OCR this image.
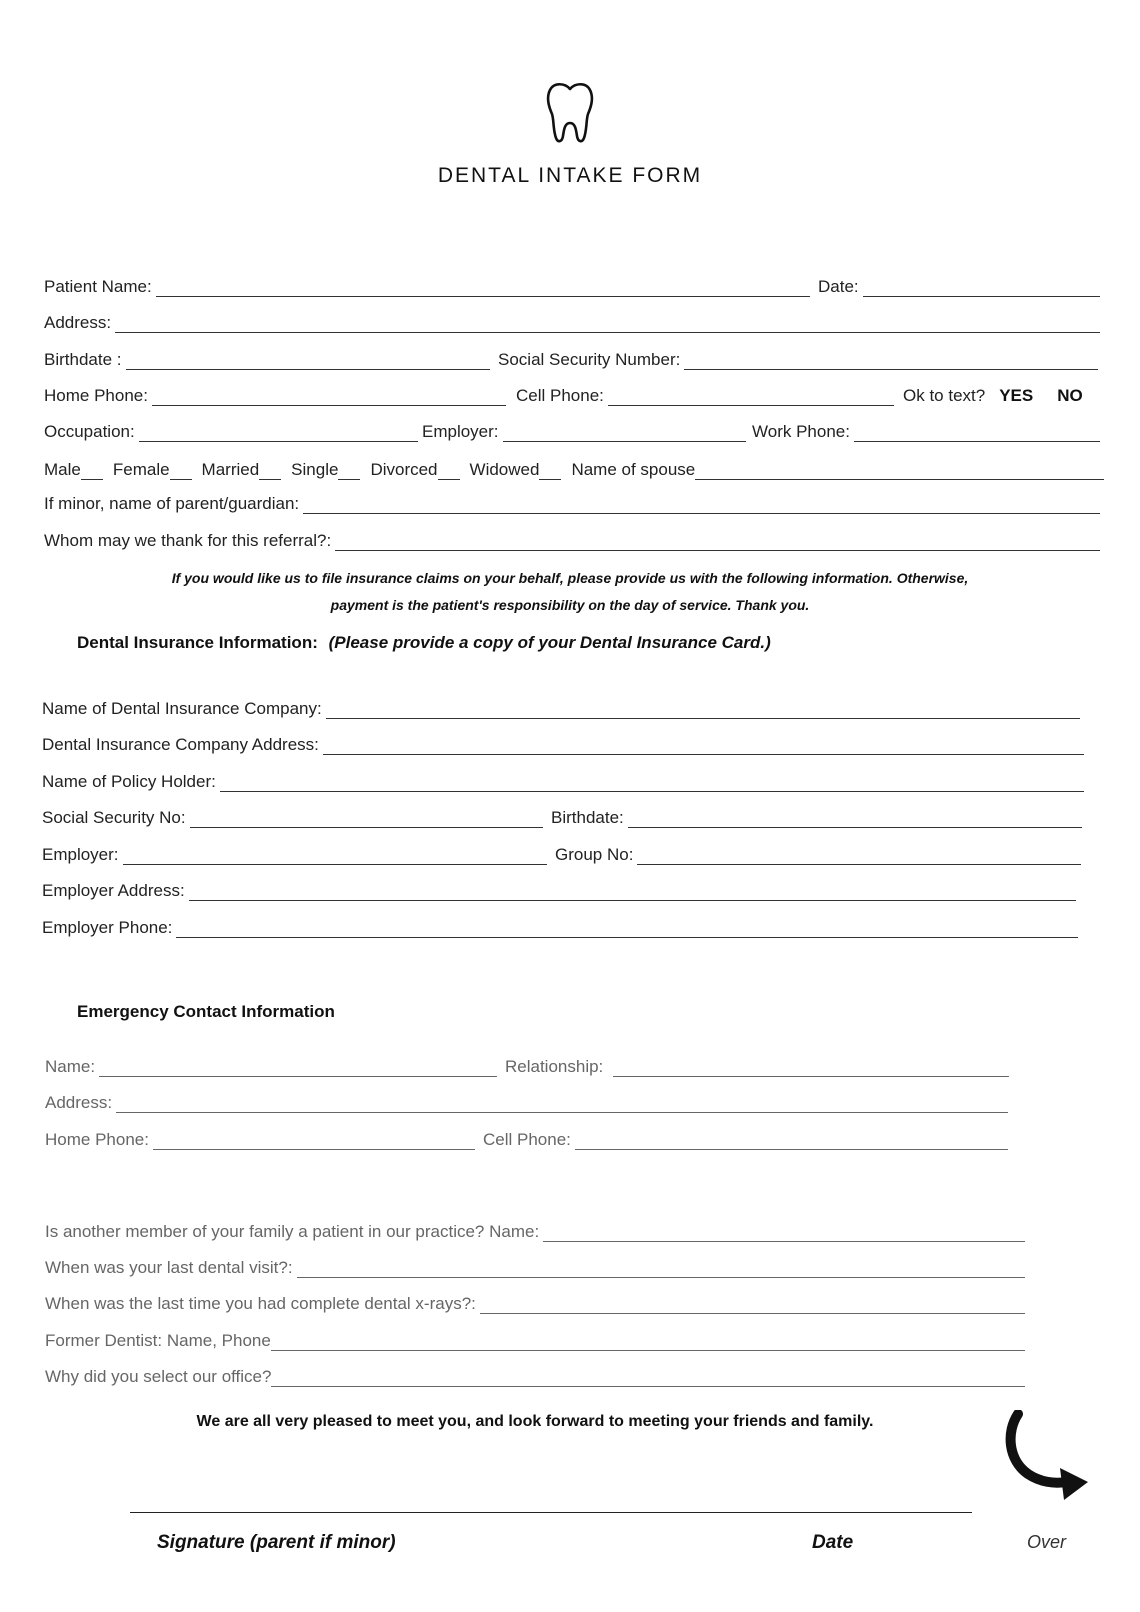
DENTAL INTAKE FORM
Patient Name:	Date:
Address:
Birthdate :	Social Security Number:
Home Phone:	Cell Phone:	Ok to text? YES NO
Occupation:	Employer:	Work Phone:
Male Female Married Single Divorced Widowed Name of spouse
If minor, name of parent/guardian:
Whom may we thank for this referral?:
If you would like us to file insurance claims on your behalf, please provide us with the following information. Otherwise,
payment is the patient's responsibility on the day of service. Thank you.
Dental Insurance Information: (Please provide a copy of your Dental Insurance Card.)
Name of Dental Insurance Company:
Dental Insurance Company Address:
Name of Policy Holder:
Social Security No:	Birthdate:
Employer:	Group No:
Employer Address:
Employer Phone:
Emergency Contact Information
Name:	Relationship:
Address:
Home Phone:	Cell Phone:
Is another member of your family a patient in our practice? Name:
When was your last dental visit?:
When was the last time you had complete dental x-rays?:
Former Dentist: Name, Phone
Why did you select our office?
We are all very pleased to meet you, and look forward to meeting your friends and family.
Signature (parent if minor)	Date	Over
